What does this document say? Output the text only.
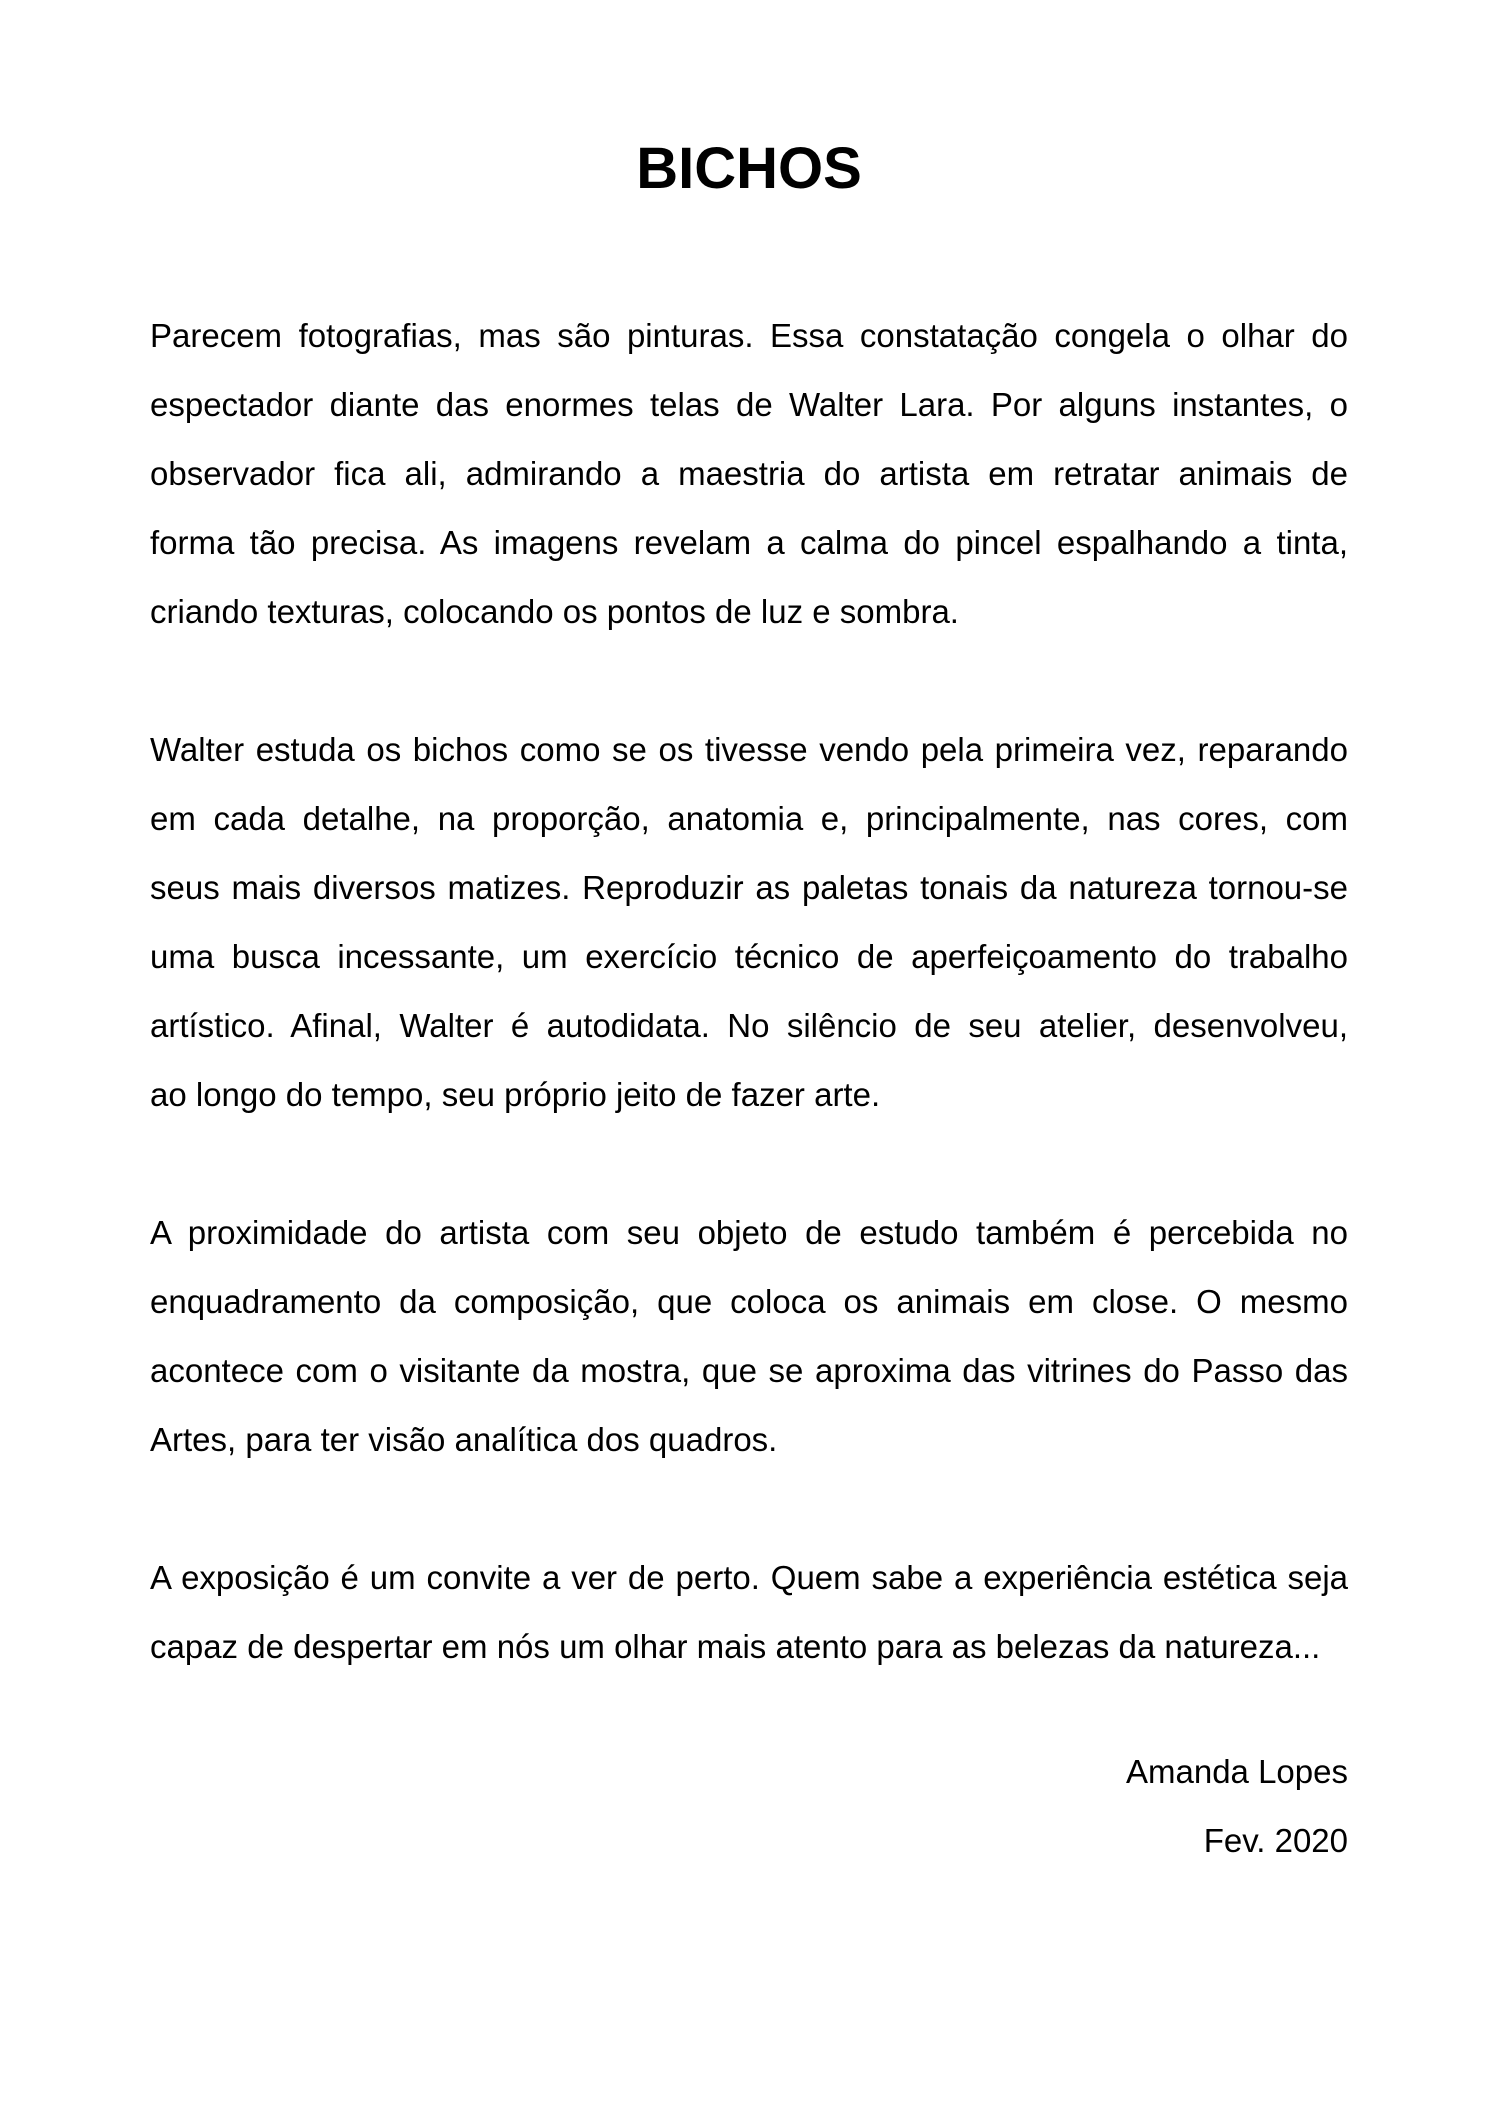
BICHOS
Parecem fotografias, mas são pinturas. Essa constatação congela o olhar do
espectador diante das enormes telas de Walter Lara. Por alguns instantes, o
observador fica ali, admirando a maestria do artista em retratar animais de
forma tão precisa. As imagens revelam a calma do pincel espalhando a tinta,
criando texturas, colocando os pontos de luz e sombra.
Walter estuda os bichos como se os tivesse vendo pela primeira vez, reparando
em cada detalhe, na proporção, anatomia e, principalmente, nas cores, com
seus mais diversos matizes. Reproduzir as paletas tonais da natureza tornou-se
uma busca incessante, um exercício técnico de aperfeiçoamento do trabalho
artístico. Afinal, Walter é autodidata. No silêncio de seu atelier, desenvolveu,
ao longo do tempo, seu próprio jeito de fazer arte.
A proximidade do artista com seu objeto de estudo também é percebida no
enquadramento da composição, que coloca os animais em close. O mesmo
acontece com o visitante da mostra, que se aproxima das vitrines do Passo das
Artes, para ter visão analítica dos quadros.
A exposição é um convite a ver de perto. Quem sabe a experiência estética seja
capaz de despertar em nós um olhar mais atento para as belezas da natureza...
Amanda Lopes
Fev. 2020
